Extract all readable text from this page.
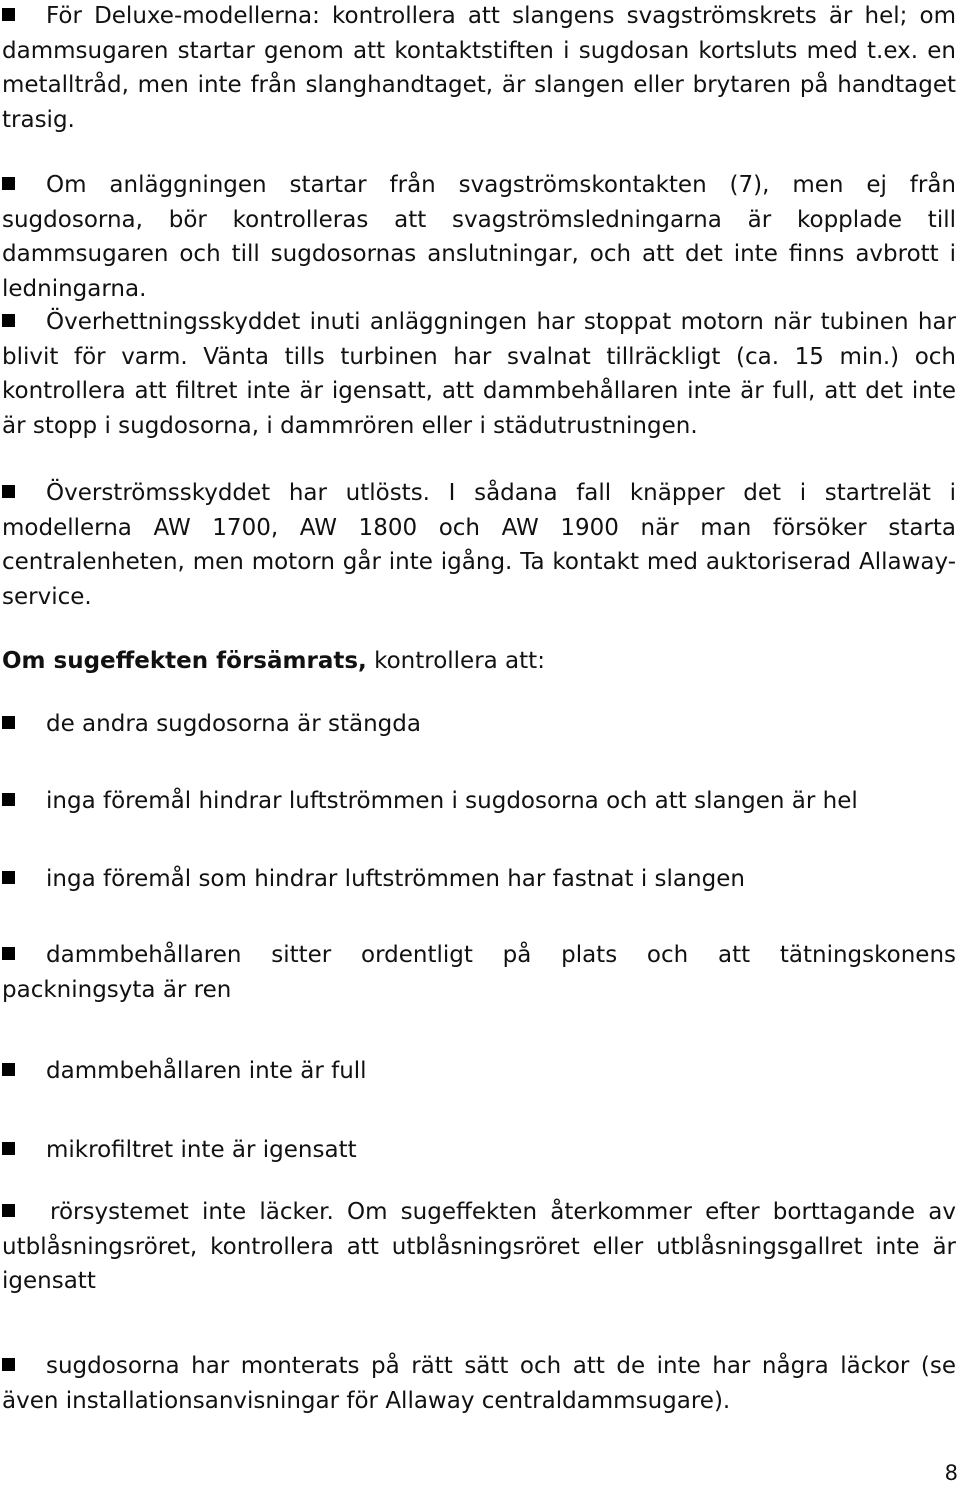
För Deluxe-modellerna: kontrollera att slangens svagströmskrets är hel; om dammsugaren startar genom att kontaktstiften i sugdosan kortsluts med t.ex. en metalltråd, men inte från slanghandtaget, är slangen eller brytaren på handtaget trasig.

Om anläggningen startar från svagströmskontakten (7), men ej från sugdosorna, bör kontrolleras att svagströmsledningarna är kopplade till dammsugaren och till sugdosornas anslutningar, och att det inte finns avbrott i ledningarna.

Överhettningsskyddet inuti anläggningen har stoppat motorn när tubinen har blivit för varm. Vänta tills turbinen har svalnat tillräckligt (ca. 15 min.) och kontrollera att filtret inte är igensatt, att dammbehållaren inte är full, att det inte är stopp i sugdosorna, i dammrören eller i städutrustningen.

Överströmsskyddet har utlösts. I sådana fall knäpper det i startrelät i modellerna AW 1700, AW 1800 och AW 1900 när man försöker starta centralenheten, men motorn går inte igång. Ta kontakt med auktoriserad Allaway-service.

Om sugeffekten försämrats, kontrollera att:

de andra sugdosorna är stängda

inga föremål hindrar luftströmmen i sugdosorna och att slangen är hel

inga föremål som hindrar luftströmmen har fastnat i slangen

dammbehållaren sitter ordentligt på plats och att tätningskonens packningsyta är ren

dammbehållaren inte är full

mikrofiltret inte är igensatt

rörsystemet inte läcker. Om sugeffekten återkommer efter borttagande av utblåsningsröret, kontrollera att utblåsningsröret eller utblåsningsgallret inte är igensatt

sugdosorna har monterats på rätt sätt och att de inte har några läckor (se även installationsanvisningar för Allaway centraldammsugare).

8
